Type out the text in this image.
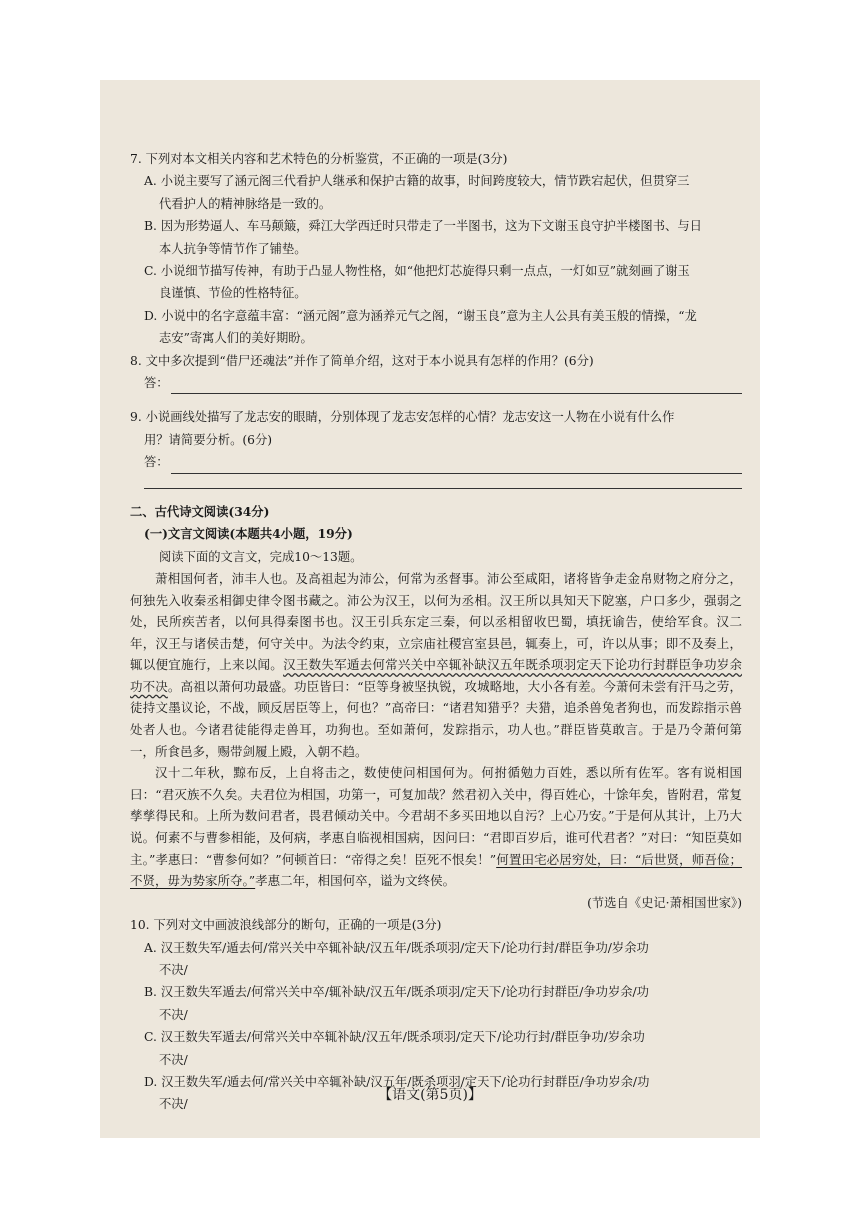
7. 下列对本文相关内容和艺术特色的分析鉴赏，不正确的一项是(3分)

A. 小说主要写了涵元阁三代看护人继承和保护古籍的故事，时间跨度较大，情节跌宕起伏，但贯穿三

代看护人的精神脉络是一致的。

B. 因为形势逼人、车马颠簸，舜江大学西迁时只带走了一半图书，这为下文谢玉良守护半楼图书、与日

本人抗争等情节作了铺垫。

C. 小说细节描写传神，有助于凸显人物性格，如“他把灯芯旋得只剩一点点，一灯如豆”就刻画了谢玉

良谨慎、节俭的性格特征。

D. 小说中的名字意蕴丰富：“涵元阁”意为涵养元气之阁，“谢玉良”意为主人公具有美玉般的情操，“龙

志安”寄寓人们的美好期盼。

8. 文中多次提到“借尸还魂法”并作了简单介绍，这对于本小说具有怎样的作用？(6分)

答：

9. 小说画线处描写了龙志安的眼睛，分别体现了龙志安怎样的心情？龙志安这一人物在小说有什么作

用？请简要分析。(6分)

答：

二、古代诗文阅读(34分)

(一)文言文阅读(本题共4小题，19分)

阅读下面的文言文，完成10～13题。

萧相国何者，沛丰人也。及高祖起为沛公，何常为丞督事。沛公至咸阳，诸将皆争走金帛财物之府分之，何独先入收秦丞相御史律令图书藏之。沛公为汉王，以何为丞相。汉王所以具知天下阸塞，户口多少，强弱之处，民所疾苦者，以何具得秦图书也。汉王引兵东定三秦，何以丞相留收巴蜀，填抚谕告，使给军食。汉二年，汉王与诸侯击楚，何守关中。为法令约束，立宗庙社稷宫室县邑，辄奏上，可，许以从事；即不及奏上，辄以便宜施行，上来以闻。汉王数失军遁去何常兴关中卒辄补缺汉五年既杀项羽定天下论功行封群臣争功岁余功不决。高祖以萧何功最盛。功臣皆曰：“臣等身被坚执锐，攻城略地，大小各有差。今萧何未尝有汗马之劳，徒持文墨议论，不战，顾反居臣等上，何也？”高帝曰：“诸君知猎乎？夫猎，追杀兽兔者狗也，而发踪指示兽处者人也。今诸君徒能得走兽耳，功狗也。至如萧何，发踪指示，功人也。”群臣皆莫敢言。于是乃令萧何第一，所食邑多，赐带剑履上殿，入朝不趋。

汉十二年秋，黥布反，上自将击之，数使使问相国何为。何拊循勉力百姓，悉以所有佐军。客有说相国曰：“君灭族不久矣。夫君位为相国，功第一，可复加哉？然君初入关中，得百姓心，十馀年矣，皆附君，常复孳孳得民和。上所为数问君者，畏君倾动关中。今君胡不多买田地以自污？上心乃安。”于是何从其计，上乃大说。何素不与曹参相能，及何病，孝惠自临视相国病，因问曰：“君即百岁后，谁可代君者？”对曰：“知臣莫如主。”孝惠曰：“曹参何如？”何顿首曰：“帝得之矣！臣死不恨矣！”何置田宅必居穷处，曰：“后世贤，师吾俭；不贤，毋为势家所夺。”孝惠二年，相国何卒，谥为文终侯。

(节选自《史记·萧相国世家》)

10. 下列对文中画波浪线部分的断句，正确的一项是(3分)

A. 汉王数失军/遁去何/常兴关中卒辄补缺/汉五年/既杀项羽/定天下/论功行封/群臣争功/岁余功

不决/

B. 汉王数失军遁去/何常兴关中卒/辄补缺/汉五年/既杀项羽/定天下/论功行封群臣/争功岁余/功

不决/

C. 汉王数失军遁去/何常兴关中卒辄补缺/汉五年/既杀项羽/定天下/论功行封/群臣争功/岁余功

不决/

D. 汉王数失军/遁去何/常兴关中卒辄补缺/汉五年/既杀项羽/定天下/论功行封群臣/争功岁余/功

不决/

【语文(第5页)】
